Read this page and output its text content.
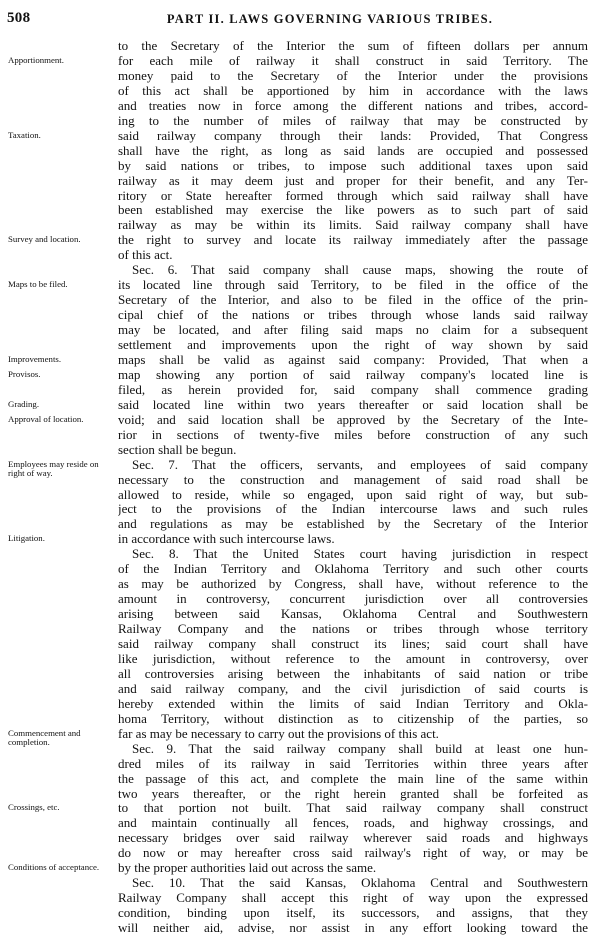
508	PART II. LAWS GOVERNING VARIOUS TRIBES.
to the Secretary of the Interior the sum of fifteen dollars per annum
for each mile of railway it shall construct in said Territory. The
money paid to the Secretary of the Interior under the provisions
of this act shall be apportioned by him in accordance with the laws
and treaties now in force among the different nations and tribes, accord-
ing to the number of miles of railway that may be constructed by
said railway company through their lands: Provided, That Congress
shall have the right, as long as said lands are occupied and possessed
by said nations or tribes, to impose such additional taxes upon said
railway as it may deem just and proper for their benefit, and any Ter-
ritory or State hereafter formed through which said railway shall have
been established may exercise the like powers as to such part of said
railway as may be within its limits. Said railway company shall have
the right to survey and locate its railway immediately after the passage
of this act.
Sec. 6. That said company shall cause maps, showing the route of
its located line through said Territory, to be filed in the office of the
Secretary of the Interior, and also to be filed in the office of the prin-
cipal chief of the nations or tribes through whose lands said railway
may be located, and after filing said maps no claim for a subsequent
settlement and improvements upon the right of way shown by said
maps shall be valid as against said company: Provided, That when a
map showing any portion of said railway company's located line is
filed, as herein provided for, said company shall commence grading
said located line within two years thereafter or said location shall be
void; and said location shall be approved by the Secretary of the Inte-
rior in sections of twenty-five miles before construction of any such
section shall be begun.
Sec. 7. That the officers, servants, and employees of said company
necessary to the construction and management of said road shall be
allowed to reside, while so engaged, upon said right of way, but sub-
ject to the provisions of the Indian intercourse laws and such rules
and regulations as may be established by the Secretary of the Interior
in accordance with such intercourse laws.
Sec. 8. That the United States court having jurisdiction in respect
of the Indian Territory and Oklahoma Territory and such other courts
as may be authorized by Congress, shall have, without reference to the
amount in controversy, concurrent jurisdiction over all controversies
arising between said Kansas, Oklahoma Central and Southwestern
Railway Company and the nations or tribes through whose territory
said railway company shall construct its lines; said court shall have
like jurisdiction, without reference to the amount in controversy, over
all controversies arising between the inhabitants of said nation or tribe
and said railway company, and the civil jurisdiction of said courts is
hereby extended within the limits of said Indian Territory and Okla-
homa Territory, without distinction as to citizenship of the parties, so
far as may be necessary to carry out the provisions of this act.
Sec. 9. That the said railway company shall build at least one hun-
dred miles of its railway in said Territories within three years after
the passage of this act, and complete the main line of the same within
two years thereafter, or the right herein granted shall be forfeited as
to that portion not built. That said railway company shall construct
and maintain continually all fences, roads, and highway crossings, and
necessary bridges over said railway wherever said roads and highways
do now or may hereafter cross said railway's right of way, or may be
by the proper authorities laid out across the same.
Sec. 10. That the said Kansas, Oklahoma Central and Southwestern
Railway Company shall accept this right of way upon the expressed
condition, binding upon itself, its successors, and assigns, that they
will neither aid, advise, nor assist in any effort looking toward the
Apportionment.
Taxation.
Survey and location.
Maps to be filed.
Improvements.
Provisos.
Grading.
Approval of location.
Employees may reside on right of way.
Litigation.
Commencement and completion.
Crossings, etc.
Conditions of acceptance.
